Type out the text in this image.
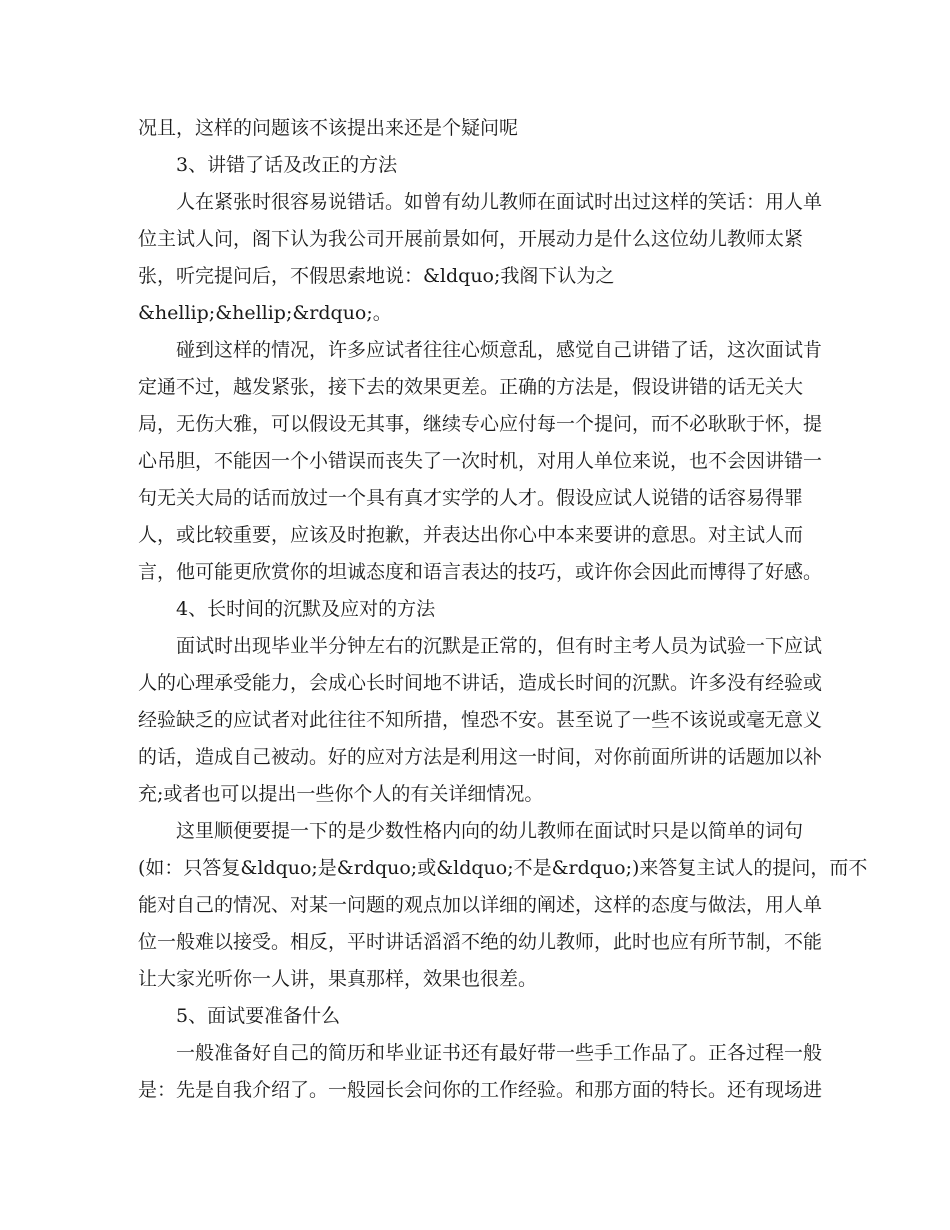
况且，这样的问题该不该提出来还是个疑问呢
3、讲错了话及改正的方法
人在紧张时很容易说错话。如曾有幼儿教师在面试时出过这样的笑话：用人单
位主试人问，阁下认为我公司开展前景如何，开展动力是什么这位幼儿教师太紧
张，听完提问后，不假思索地说：&ldquo;我阁下认为之
&hellip;&hellip;&rdquo;。
碰到这样的情况，许多应试者往往心烦意乱，感觉自己讲错了话，这次面试肯
定通不过，越发紧张，接下去的效果更差。正确的方法是，假设讲错的话无关大
局，无伤大雅，可以假设无其事，继续专心应付每一个提问，而不必耿耿于怀，提
心吊胆，不能因一个小错误而丧失了一次时机，对用人单位来说，也不会因讲错一
句无关大局的话而放过一个具有真才实学的人才。假设应试人说错的话容易得罪
人，或比较重要，应该及时抱歉，并表达出你心中本来要讲的意思。对主试人而
言，他可能更欣赏你的坦诚态度和语言表达的技巧，或许你会因此而博得了好感。
4、长时间的沉默及应对的方法
面试时出现毕业半分钟左右的沉默是正常的，但有时主考人员为试验一下应试
人的心理承受能力，会成心长时间地不讲话，造成长时间的沉默。许多没有经验或
经验缺乏的应试者对此往往不知所措，惶恐不安。甚至说了一些不该说或毫无意义
的话，造成自己被动。好的应对方法是利用这一时间，对你前面所讲的话题加以补
充;或者也可以提出一些你个人的有关详细情况。
这里顺便要提一下的是少数性格内向的幼儿教师在面试时只是以简单的词句
(如：只答复&ldquo;是&rdquo;或&ldquo;不是&rdquo;)来答复主试人的提问，而不
能对自己的情况、对某一问题的观点加以详细的阐述，这样的态度与做法，用人单
位一般难以接受。相反，平时讲话滔滔不绝的幼儿教师，此时也应有所节制，不能
让大家光听你一人讲，果真那样，效果也很差。
5、面试要准备什么
一般准备好自己的简历和毕业证书还有最好带一些手工作品了。正各过程一般
是：先是自我介绍了。一般园长会问你的工作经验。和那方面的特长。还有现场进
